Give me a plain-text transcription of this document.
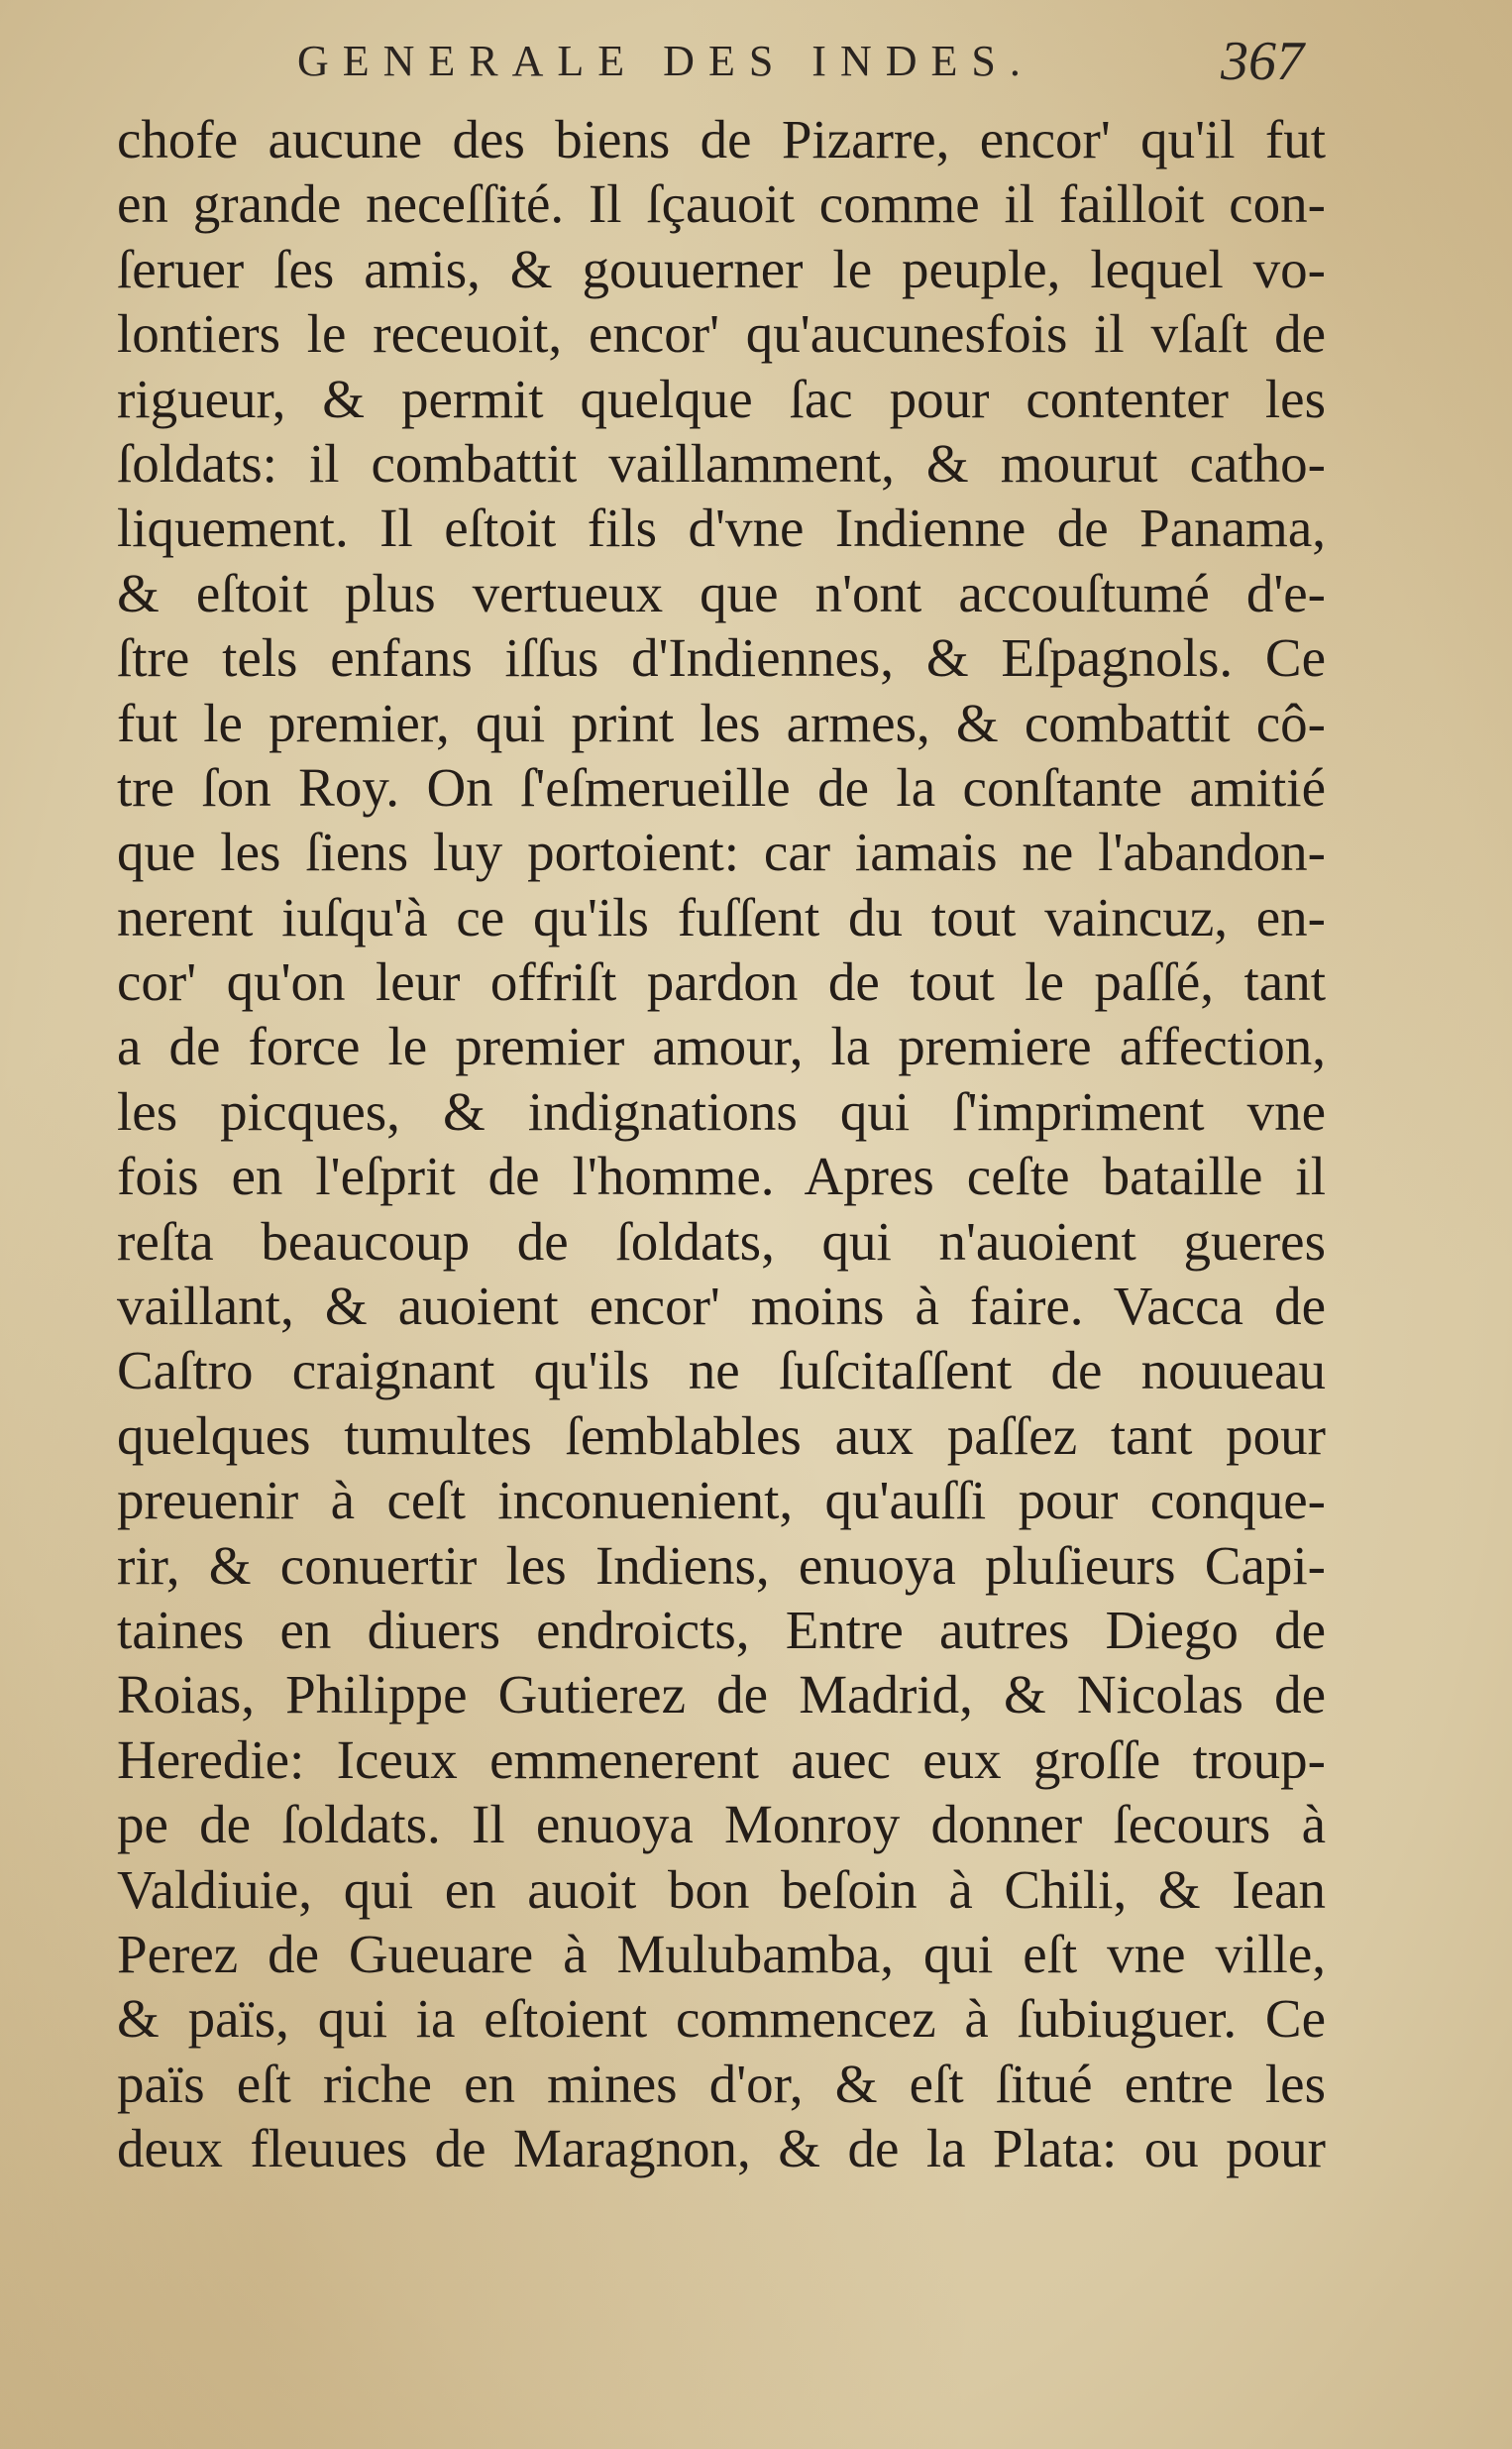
GENERALE DES INDES.	367
chofe aucune des biens de Pizarre, encor' qu'il fut
en grande neceſſité. Il ſçauoit comme il failloit con-
ſeruer ſes amis, & gouuerner le peuple, lequel vo-
lontiers le receuoit, encor' qu'aucunesfois il vſaſt de
rigueur, & permit quelque ſac pour contenter les
ſoldats: il combattit vaillamment, & mourut catho-
liquement. Il eſtoit fils d'vne Indienne de Panama,
& eſtoit plus vertueux que n'ont accouſtumé d'e-
ſtre tels enfans iſſus d'Indiennes, & Eſpagnols. Ce
fut le premier, qui print les armes, & combattit cô-
tre ſon Roy. On ſ'eſmerueille de la conſtante amitié
que les ſiens luy portoient: car iamais ne l'abandon-
nerent iuſqu'à ce qu'ils fuſſent du tout vaincuz, en-
cor' qu'on leur offriſt pardon de tout le paſſé, tant
a de force le premier amour, la premiere affection,
les picques, & indignations qui ſ'impriment vne
fois en l'eſprit de l'homme. Apres ceſte bataille il
reſta beaucoup de ſoldats, qui n'auoient gueres
vaillant, & auoient encor' moins à faire. Vacca de
Caſtro craignant qu'ils ne ſuſcitaſſent de nouueau
quelques tumultes ſemblables aux paſſez tant pour
preuenir à ceſt inconuenient, qu'auſſi pour conque-
rir, & conuertir les Indiens, enuoya pluſieurs Capi-
taines en diuers endroicts, Entre autres Diego de
Roias, Philippe Gutierez de Madrid, & Nicolas de
Heredie: Iceux emmenerent auec eux groſſe troup-
pe de ſoldats. Il enuoya Monroy donner ſecours à
Valdiuie, qui en auoit bon beſoin à Chili, & Iean
Perez de Gueuare à Mulubamba, qui eſt vne ville,
& païs, qui ia eſtoient commencez à ſubiuguer. Ce
païs eſt riche en mines d'or, & eſt ſitué entre les
deux fleuues de Maragnon, & de la Plata: ou pour
